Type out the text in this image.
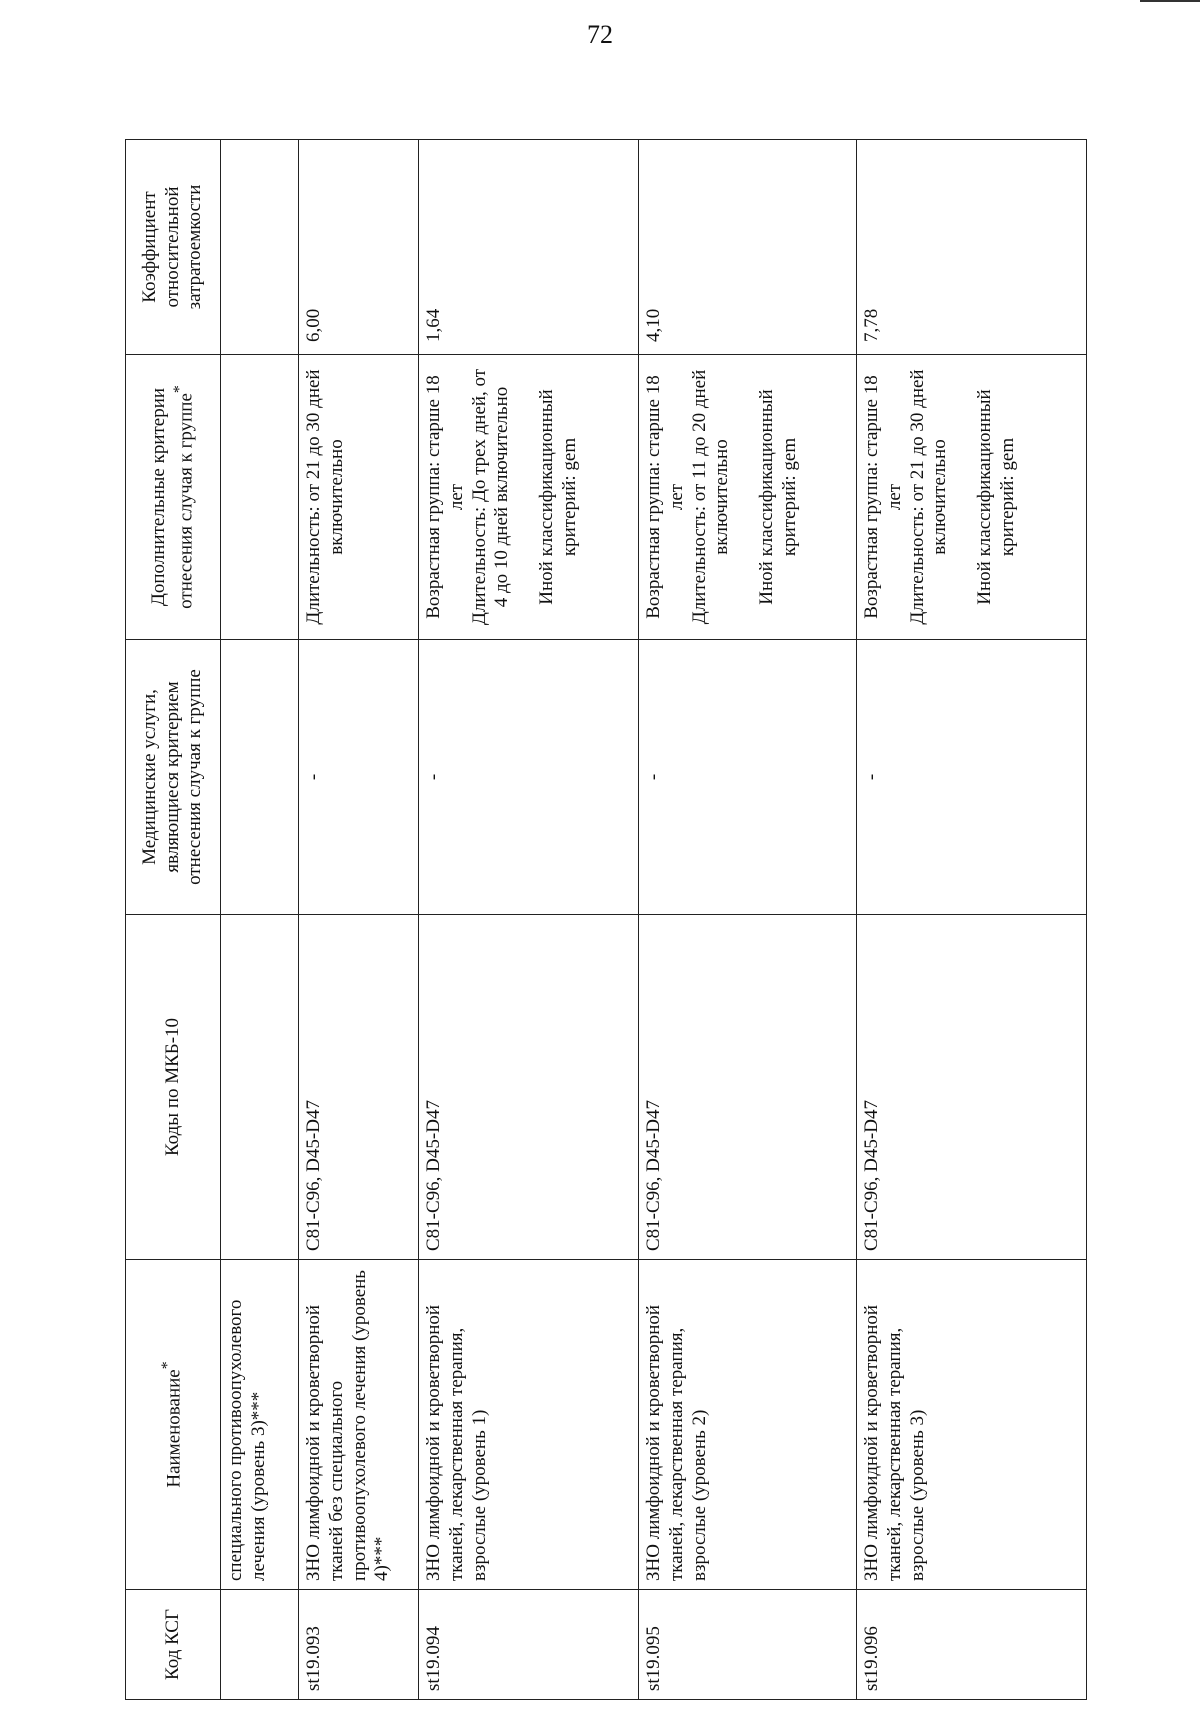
72
Код КСГ	Наименование*	Коды по МКБ-10	Медицинские услуги, являющиеся критерием отнесения случая к группе	Дополнительные критерии отнесения случая к группе*	Коэффициент относительной затратоемкости
	специального противоопухолевого лечения (уровень 3)***				
st19.093	ЗНО лимфоидной и кроветворной тканей без специального противоопухолевого лечения (уровень 4)***	C81-C96, D45-D47	-	Длительность: от 21 до 30 дней включительно	6,00
st19.094	ЗНО лимфоидной и кроветворной тканей, лекарственная терапия, взрослые (уровень 1)	C81-C96, D45-D47	-	Возрастная группа: старше 18 лет Длительность: До трех дней, от 4 до 10 дней включительно Иной классификационный критерий: gem	1,64
st19.095	ЗНО лимфоидной и кроветворной тканей, лекарственная терапия, взрослые (уровень 2)	C81-C96, D45-D47	-	Возрастная группа: старше 18 лет Длительность: от 11 до 20 дней включительно Иной классификационный критерий: gem	4,10
st19.096	ЗНО лимфоидной и кроветворной тканей, лекарственная терапия, взрослые (уровень 3)	C81-C96, D45-D47	-	Возрастная группа: старше 18 лет Длительность: от 21 до 30 дней включительно Иной классификационный критерий: gem	7,78
